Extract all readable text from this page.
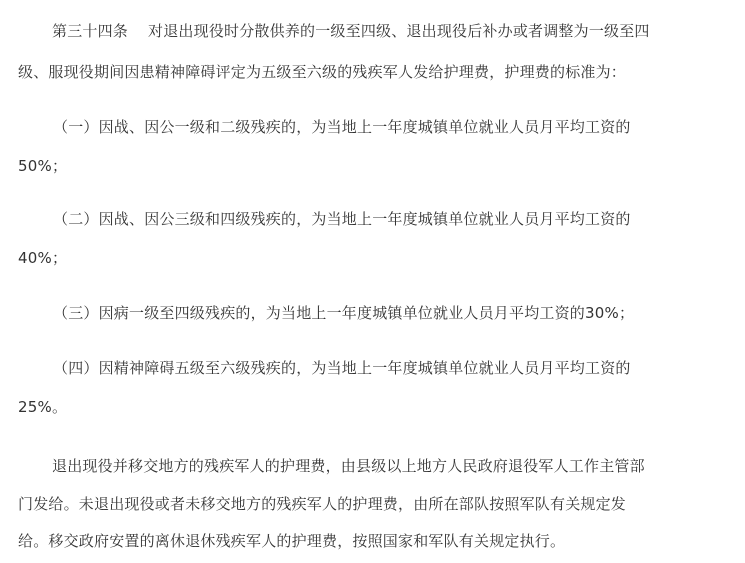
第三十四条 对退出现役时分散供养的一级至四级、退出现役后补办或者调整为一级至四
级、服现役期间因患精神障碍评定为五级至六级的残疾军人发给护理费，护理费的标准为：
（一）因战、因公一级和二级残疾的，为当地上一年度城镇单位就业人员月平均工资的
50%；
（二）因战、因公三级和四级残疾的，为当地上一年度城镇单位就业人员月平均工资的
40%；
（三）因病一级至四级残疾的，为当地上一年度城镇单位就业人员月平均工资的30%；
（四）因精神障碍五级至六级残疾的，为当地上一年度城镇单位就业人员月平均工资的
25%。
退出现役并移交地方的残疾军人的护理费，由县级以上地方人民政府退役军人工作主管部
门发给。未退出现役或者未移交地方的残疾军人的护理费，由所在部队按照军队有关规定发
给。移交政府安置的离休退休残疾军人的护理费，按照国家和军队有关规定执行。
